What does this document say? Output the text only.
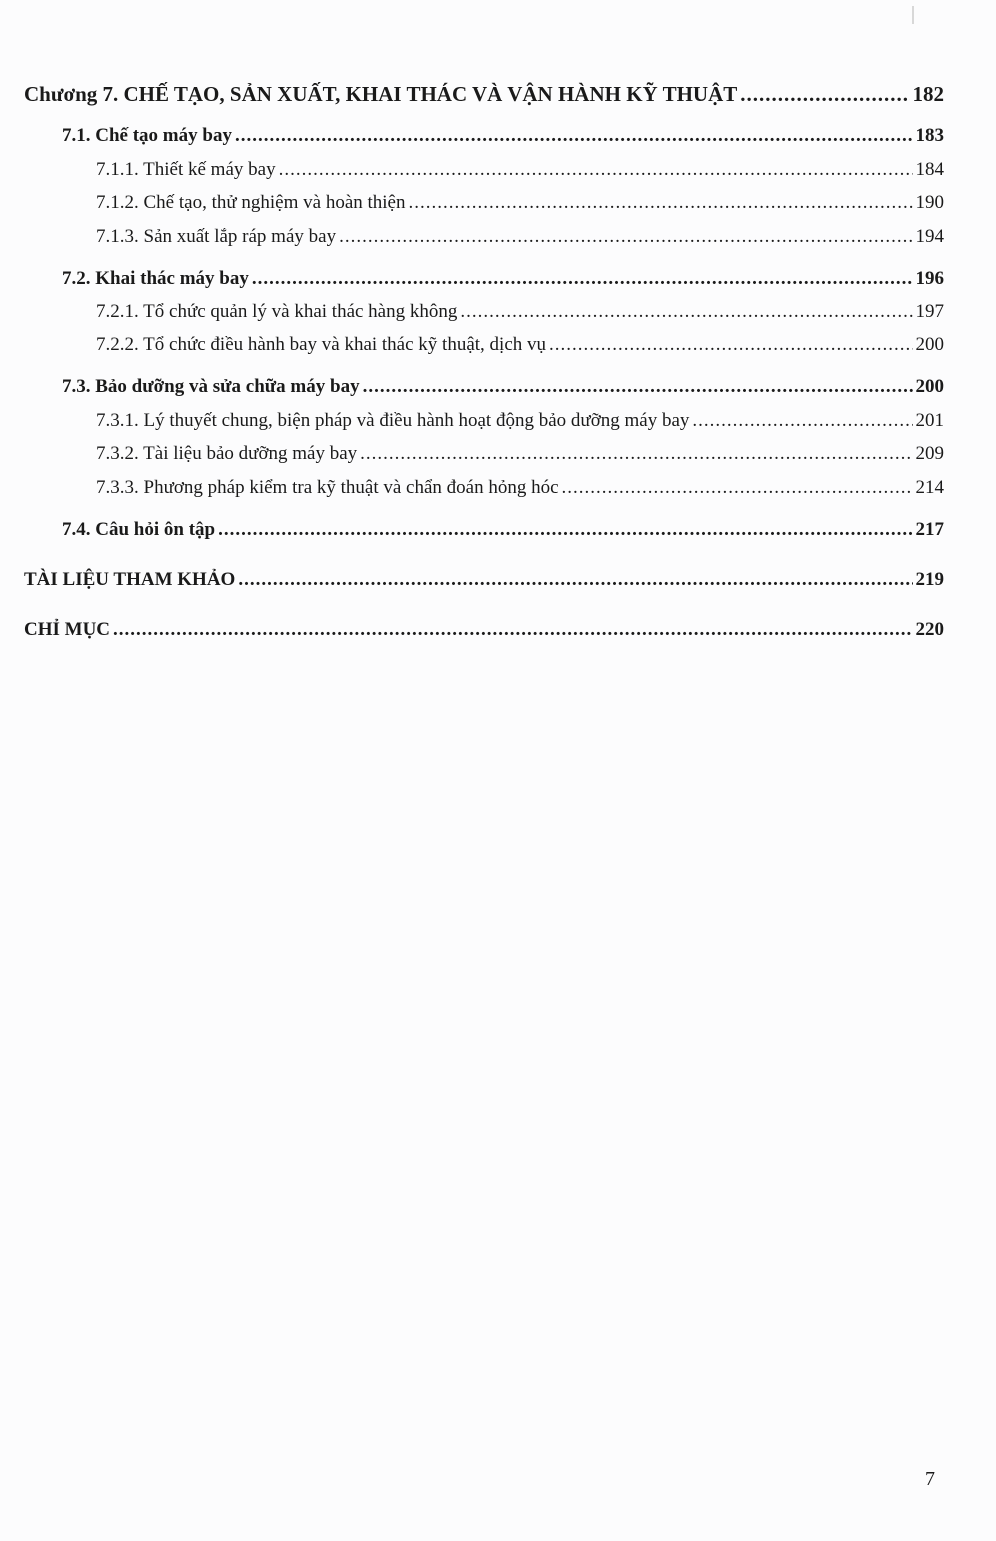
Chương 7. CHẾ TẠO, SẢN XUẤT, KHAI THÁC VÀ VẬN HÀNH KỸ THUẬT .....	182
7.1. Chế tạo máy bay .....	183
7.1.1. Thiết kế máy bay .....	184
7.1.2. Chế tạo, thử nghiệm và hoàn thiện .....	190
7.1.3. Sản xuất lắp ráp máy bay .....	194
7.2. Khai thác máy bay .....	196
7.2.1. Tổ chức quản lý và khai thác hàng không .....	197
7.2.2. Tổ chức điều hành bay và khai thác kỹ thuật, dịch vụ .....	200
7.3. Bảo dưỡng và sửa chữa máy bay .....	200
7.3.1. Lý thuyết chung, biện pháp và điều hành hoạt động bảo dưỡng máy bay .....	201
7.3.2. Tài liệu bảo dưỡng máy bay .....	209
7.3.3. Phương pháp kiểm tra kỹ thuật và chẩn đoán hỏng hóc .....	214
7.4. Câu hỏi ôn tập .....	217
TÀI LIỆU THAM KHẢO .....	219
CHỈ MỤC .....	220
7
